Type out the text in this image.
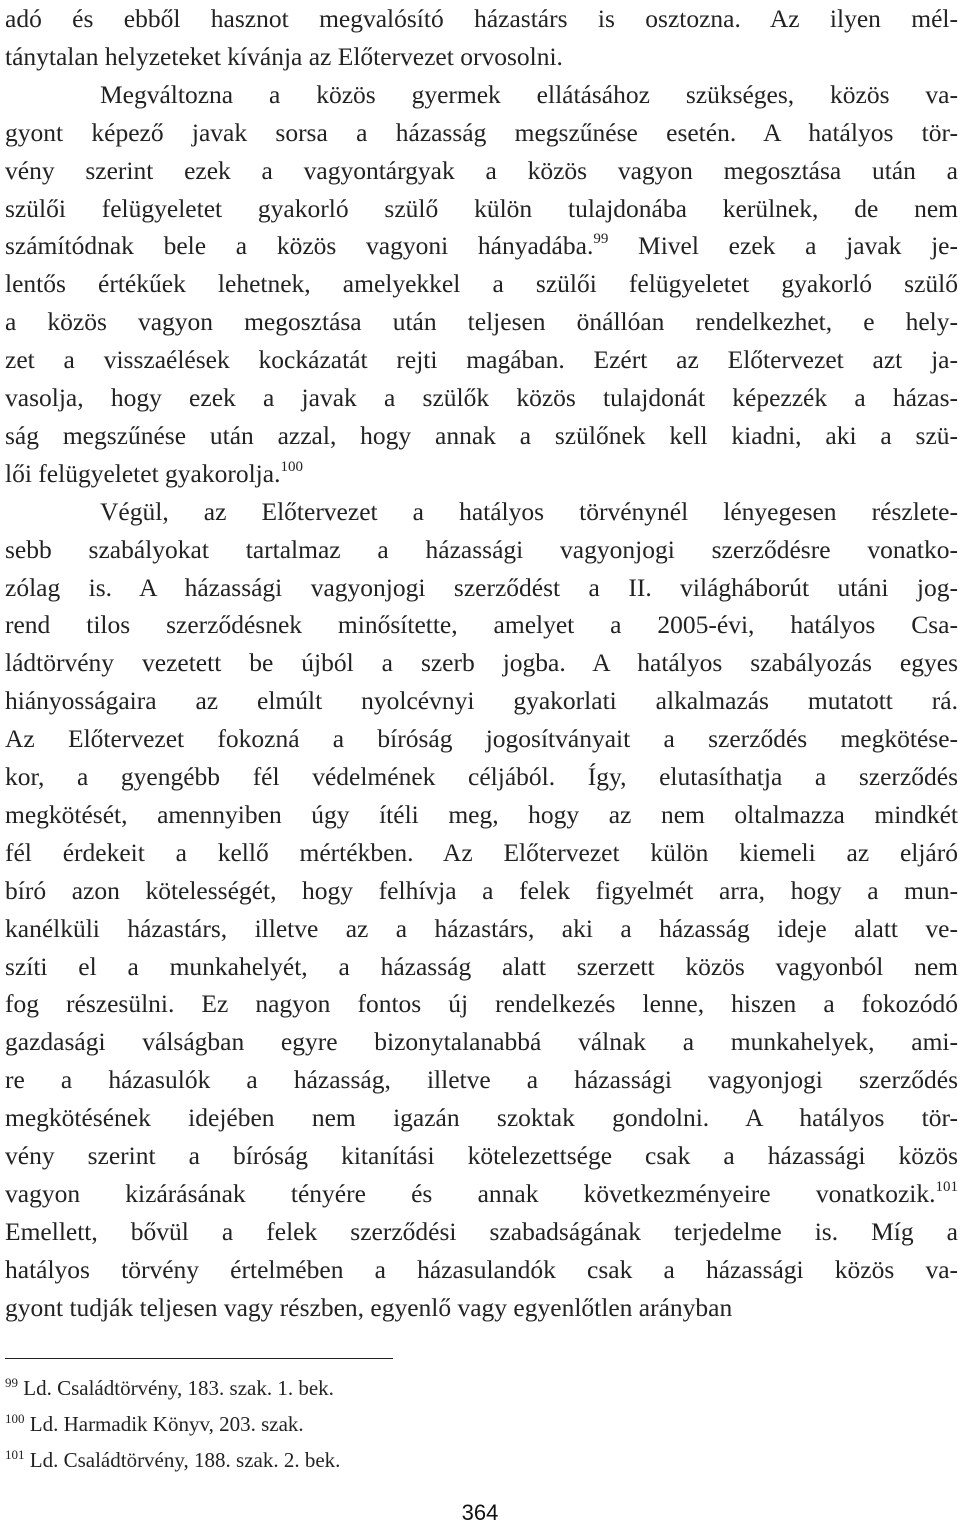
adó és ebből hasznot megvalósító házastárs is osztozna. Az ilyen mél-
tánytalan helyzeteket kívánja az Előtervezet orvosolni.
Megváltozna a közös gyermek ellátásához szükséges, közös va-
gyont képező javak sorsa a házasság megszűnése esetén. A hatályos tör-
vény szerint ezek a vagyontárgyak a közös vagyon megosztása után a
szülői felügyeletet gyakorló szülő külön tulajdonába kerülnek, de nem
számítódnak bele a közös vagyoni hányadába.$^{99}$ Mivel ezek a javak je-
lentős értékűek lehetnek, amelyekkel a szülői felügyeletet gyakorló szülő
a közös vagyon megosztása után teljesen önállóan rendelkezhet, e hely-
zet a visszaélések kockázatát rejti magában. Ezért az Előtervezet azt ja-
vasolja, hogy ezek a javak a szülők közös tulajdonát képezzék a házas-
ság megszűnése után azzal, hogy annak a szülőnek kell kiadni, aki a szü-
lői felügyeletet gyakorolja.$^{100}$
Végül, az Előtervezet a hatályos törvénynél lényegesen részlete-
sebb szabályokat tartalmaz a házassági vagyonjogi szerződésre vonatko-
zólag is. A házassági vagyonjogi szerződést a II. világháborút utáni jog-
rend tilos szerződésnek minősítette, amelyet a 2005-évi, hatályos Csa-
ládtörvény vezetett be újból a szerb jogba. A hatályos szabályozás egyes
hiányosságaira az elmúlt nyolcévnyi gyakorlati alkalmazás mutatott rá.
Az Előtervezet fokozná a bíróság jogosítványait a szerződés megkötése-
kor, a gyengébb fél védelmének céljából. Így, elutasíthatja a szerződés
megkötését, amennyiben úgy ítéli meg, hogy az nem oltalmazza mindkét
fél érdekeit a kellő mértékben. Az Előtervezet külön kiemeli az eljáró
bíró azon kötelességét, hogy felhívja a felek figyelmét arra, hogy a mun-
kanélküli házastárs, illetve az a házastárs, aki a házasság ideje alatt ve-
szíti el a munkahelyét, a házasság alatt szerzett közös vagyonból nem
fog részesülni. Ez nagyon fontos új rendelkezés lenne, hiszen a fokozódó
gazdasági válságban egyre bizonytalanabbá válnak a munkahelyek, ami-
re a házasulók a házasság, illetve a házassági vagyonjogi szerződés
megkötésének idejében nem igazán szoktak gondolni. A hatályos tör-
vény szerint a bíróság kitanítási kötelezettsége csak a házassági közös
vagyon kizárásának tényére és annak következményeire vonatkozik.$^{101}$
Emellett, bővül a felek szerződési szabadságának terjedelme is. Míg a
hatályos törvény értelmében a házasulandók csak a házassági közös va-
gyont tudják teljesen vagy részben, egyenlő vagy egyenlőtlen arányban
$^{99}$ Ld. Családtörvény, 183. szak. 1. bek.
$^{100}$ Ld. Harmadik Könyv, 203. szak.
$^{101}$ Ld. Családtörvény, 188. szak. 2. bek.
364
